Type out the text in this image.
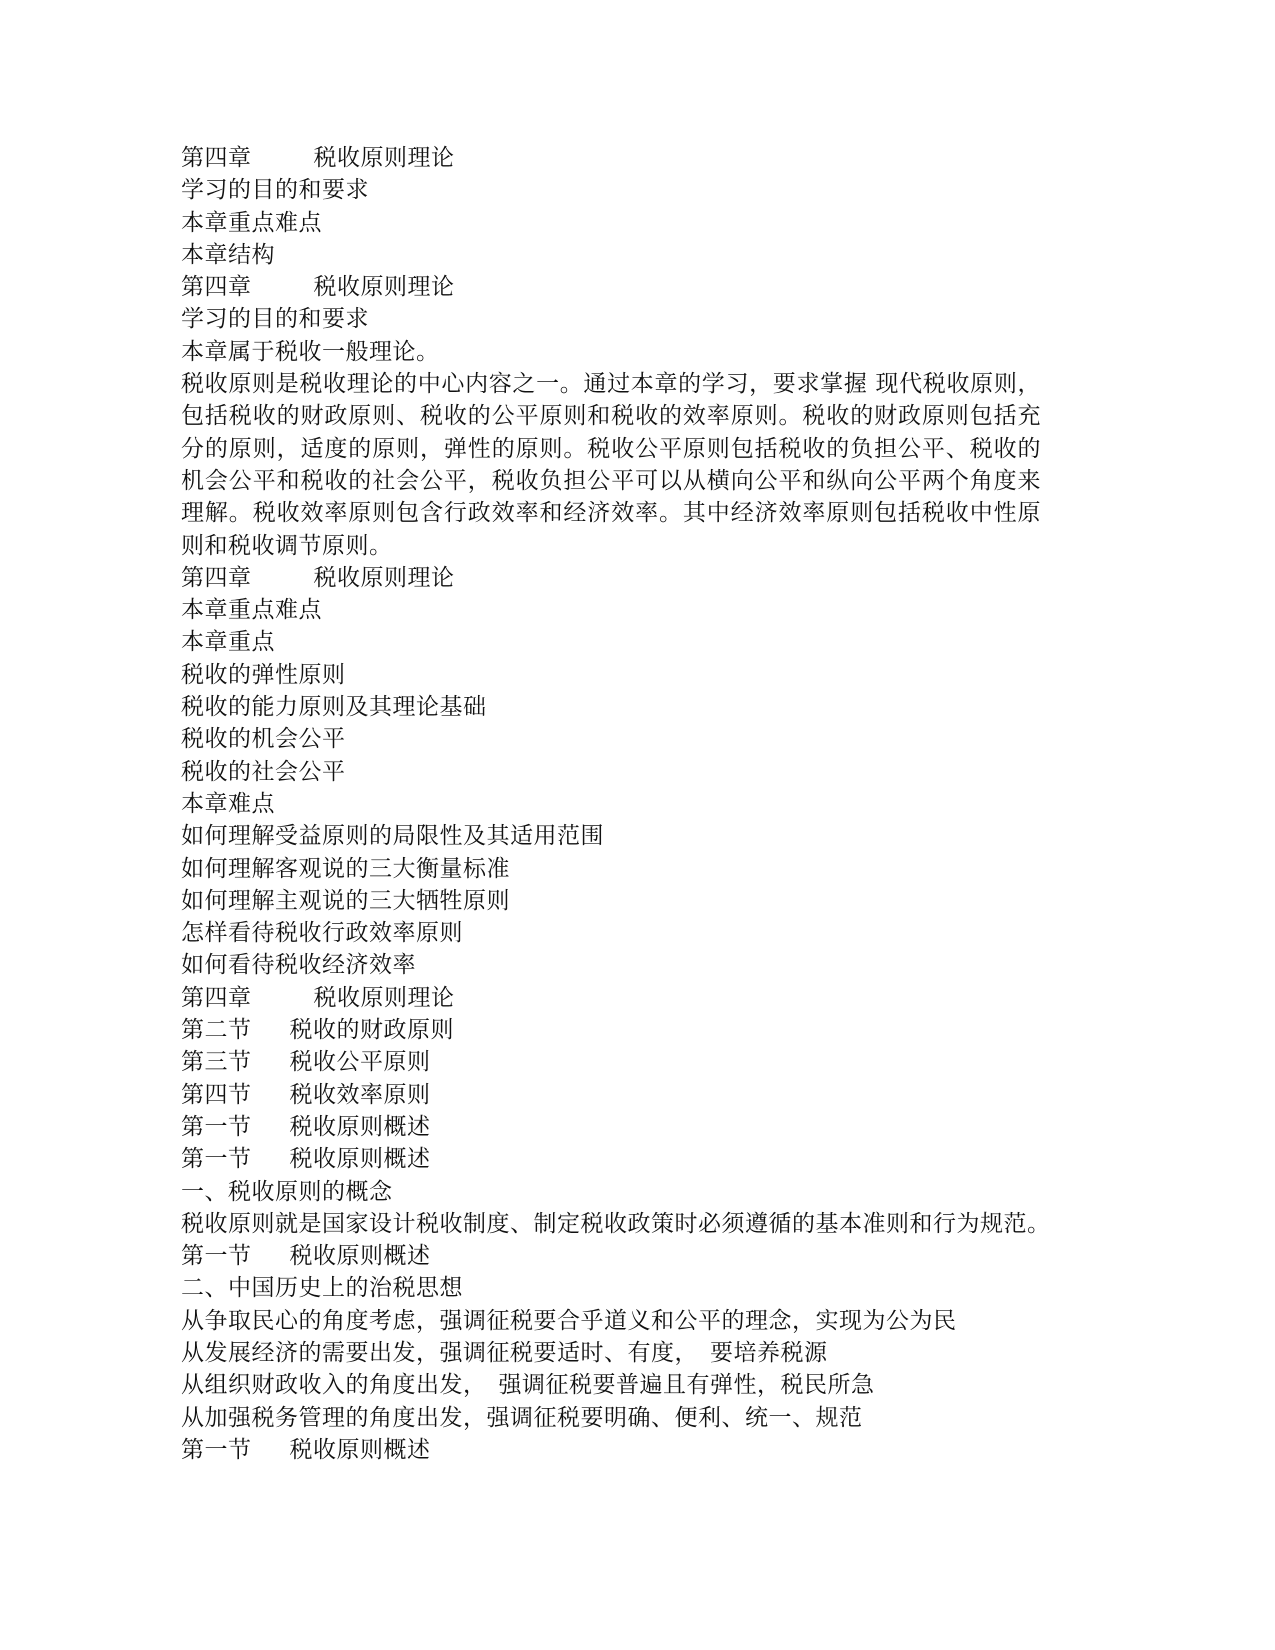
第四章	税收原则理论
学习的目的和要求
本章重点难点
本章结构
第四章	税收原则理论
学习的目的和要求
本章属于税收一般理论。
税收原则是税收理论的中心内容之一。通过本章的学习，要求掌握 现代税收原则，包括税收的财政原则、税收的公平原则和税收的效率原则。税收的财政原则包括充分的原则，适度的原则，弹性的原则。税收公平原则包括税收的负担公平、税收的机会公平和税收的社会公平，税收负担公平可以从横向公平和纵向公平两个角度来理解。税收效率原则包含行政效率和经济效率。其中经济效率原则包括税收中性原则和税收调节原则。
第四章	税收原则理论
本章重点难点
本章重点
税收的弹性原则
税收的能力原则及其理论基础
税收的机会公平
税收的社会公平
本章难点
如何理解受益原则的局限性及其适用范围
如何理解客观说的三大衡量标准
如何理解主观说的三大牺牲原则
怎样看待税收行政效率原则
如何看待税收经济效率
第四章	税收原则理论
第二节 税收的财政原则
第三节 税收公平原则
第四节 税收效率原则
第一节 税收原则概述
第一节 税收原则概述
一、税收原则的概念
税收原则就是国家设计税收制度、制定税收政策时必须遵循的基本准则和行为规范。
第一节 税收原则概述
二、中国历史上的治税思想
从争取民心的角度考虑，强调征税要合乎道义和公平的理念，实现为公为民
从发展经济的需要出发，强调征税要适时、有度，　要培养税源
从组织财政收入的角度出发，　强调征税要普遍且有弹性，税民所急
从加强税务管理的角度出发，强调征税要明确、便利、统一、规范
第一节 税收原则概述
